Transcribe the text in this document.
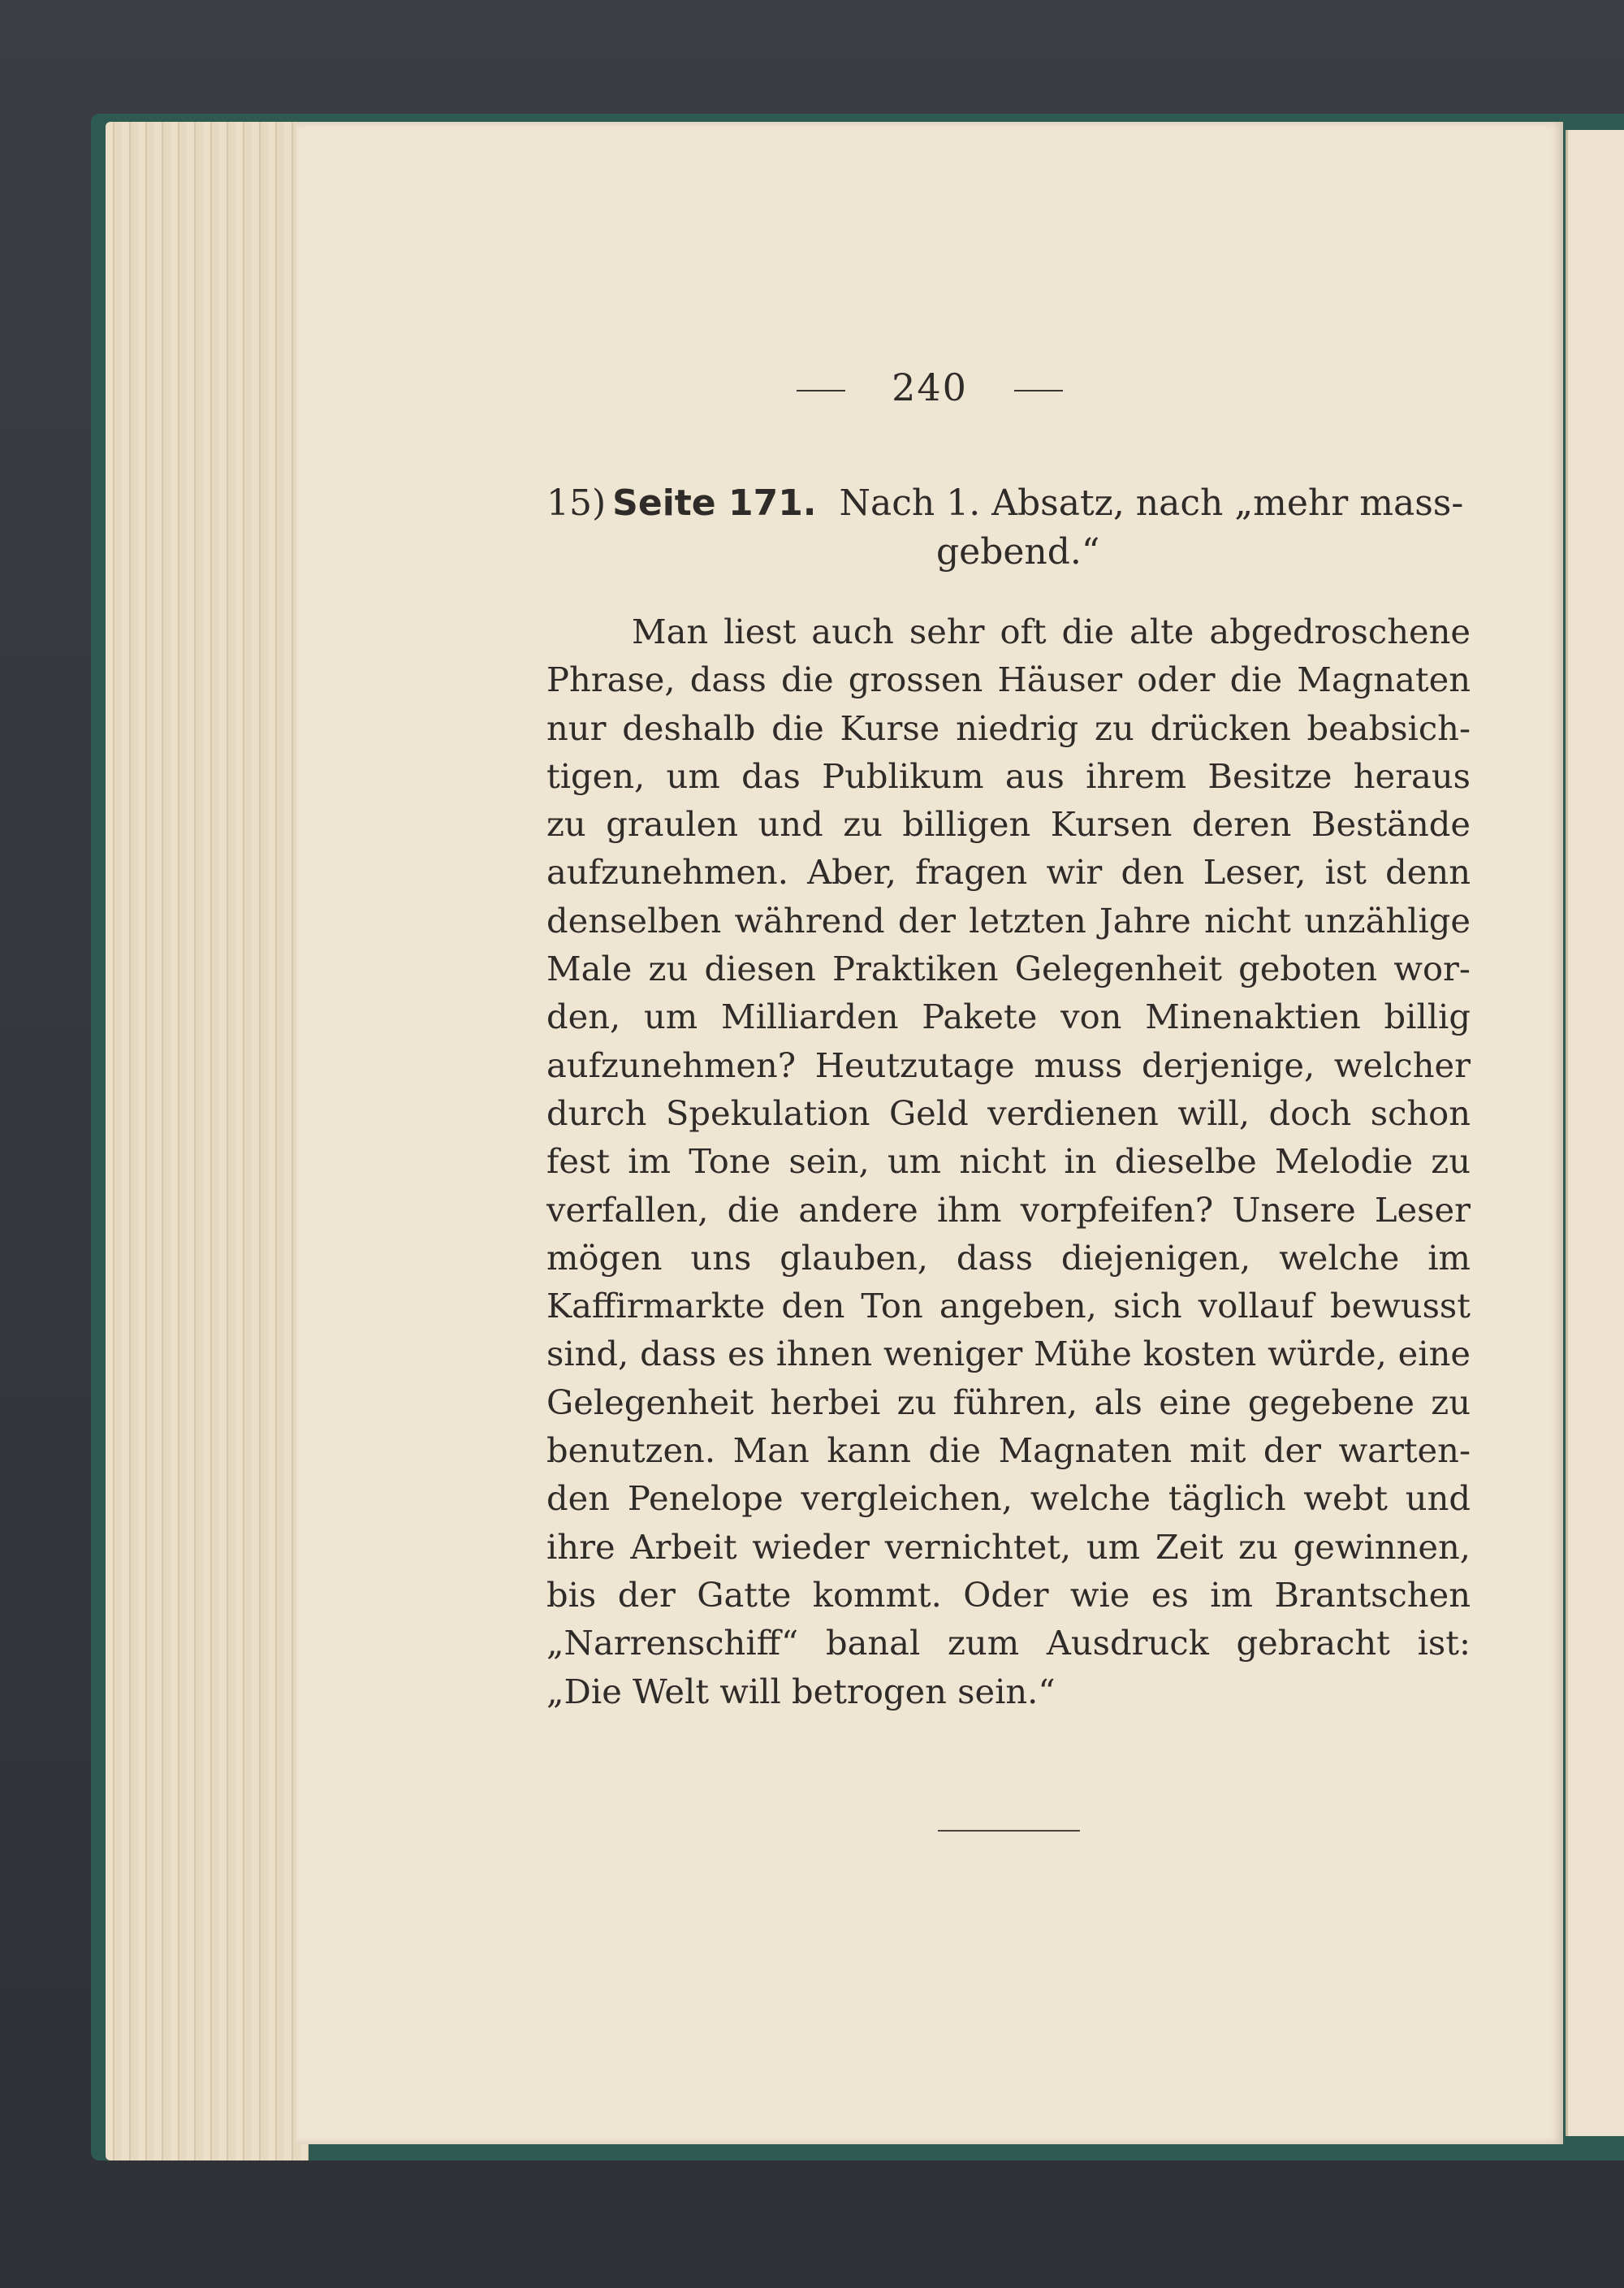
240
15) Seite 171. Nach 1. Absatz, nach „mehr mass-
gebend.“
Man liest auch sehr oft die alte abgedroschene
Phrase, dass die grossen Häuser oder die Magnaten
nur deshalb die Kurse niedrig zu drücken beabsich-
tigen, um das Publikum aus ihrem Besitze heraus
zu graulen und zu billigen Kursen deren Bestände
aufzunehmen. Aber, fragen wir den Leser, ist denn
denselben während der letzten Jahre nicht unzählige
Male zu diesen Praktiken Gelegenheit geboten wor-
den, um Milliarden Pakete von Minenaktien billig
aufzunehmen? Heutzutage muss derjenige, welcher
durch Spekulation Geld verdienen will, doch schon
fest im Tone sein, um nicht in dieselbe Melodie zu
verfallen, die andere ihm vorpfeifen? Unsere Leser
mögen uns glauben, dass diejenigen, welche im
Kaffirmarkte den Ton angeben, sich vollauf bewusst
sind, dass es ihnen weniger Mühe kosten würde, eine
Gelegenheit herbei zu führen, als eine gegebene zu
benutzen. Man kann die Magnaten mit der warten-
den Penelope vergleichen, welche täglich webt und
ihre Arbeit wieder vernichtet, um Zeit zu gewinnen,
bis der Gatte kommt. Oder wie es im Brantschen
„Narrenschiff“ banal zum Ausdruck gebracht ist:
„Die Welt will betrogen sein.“
